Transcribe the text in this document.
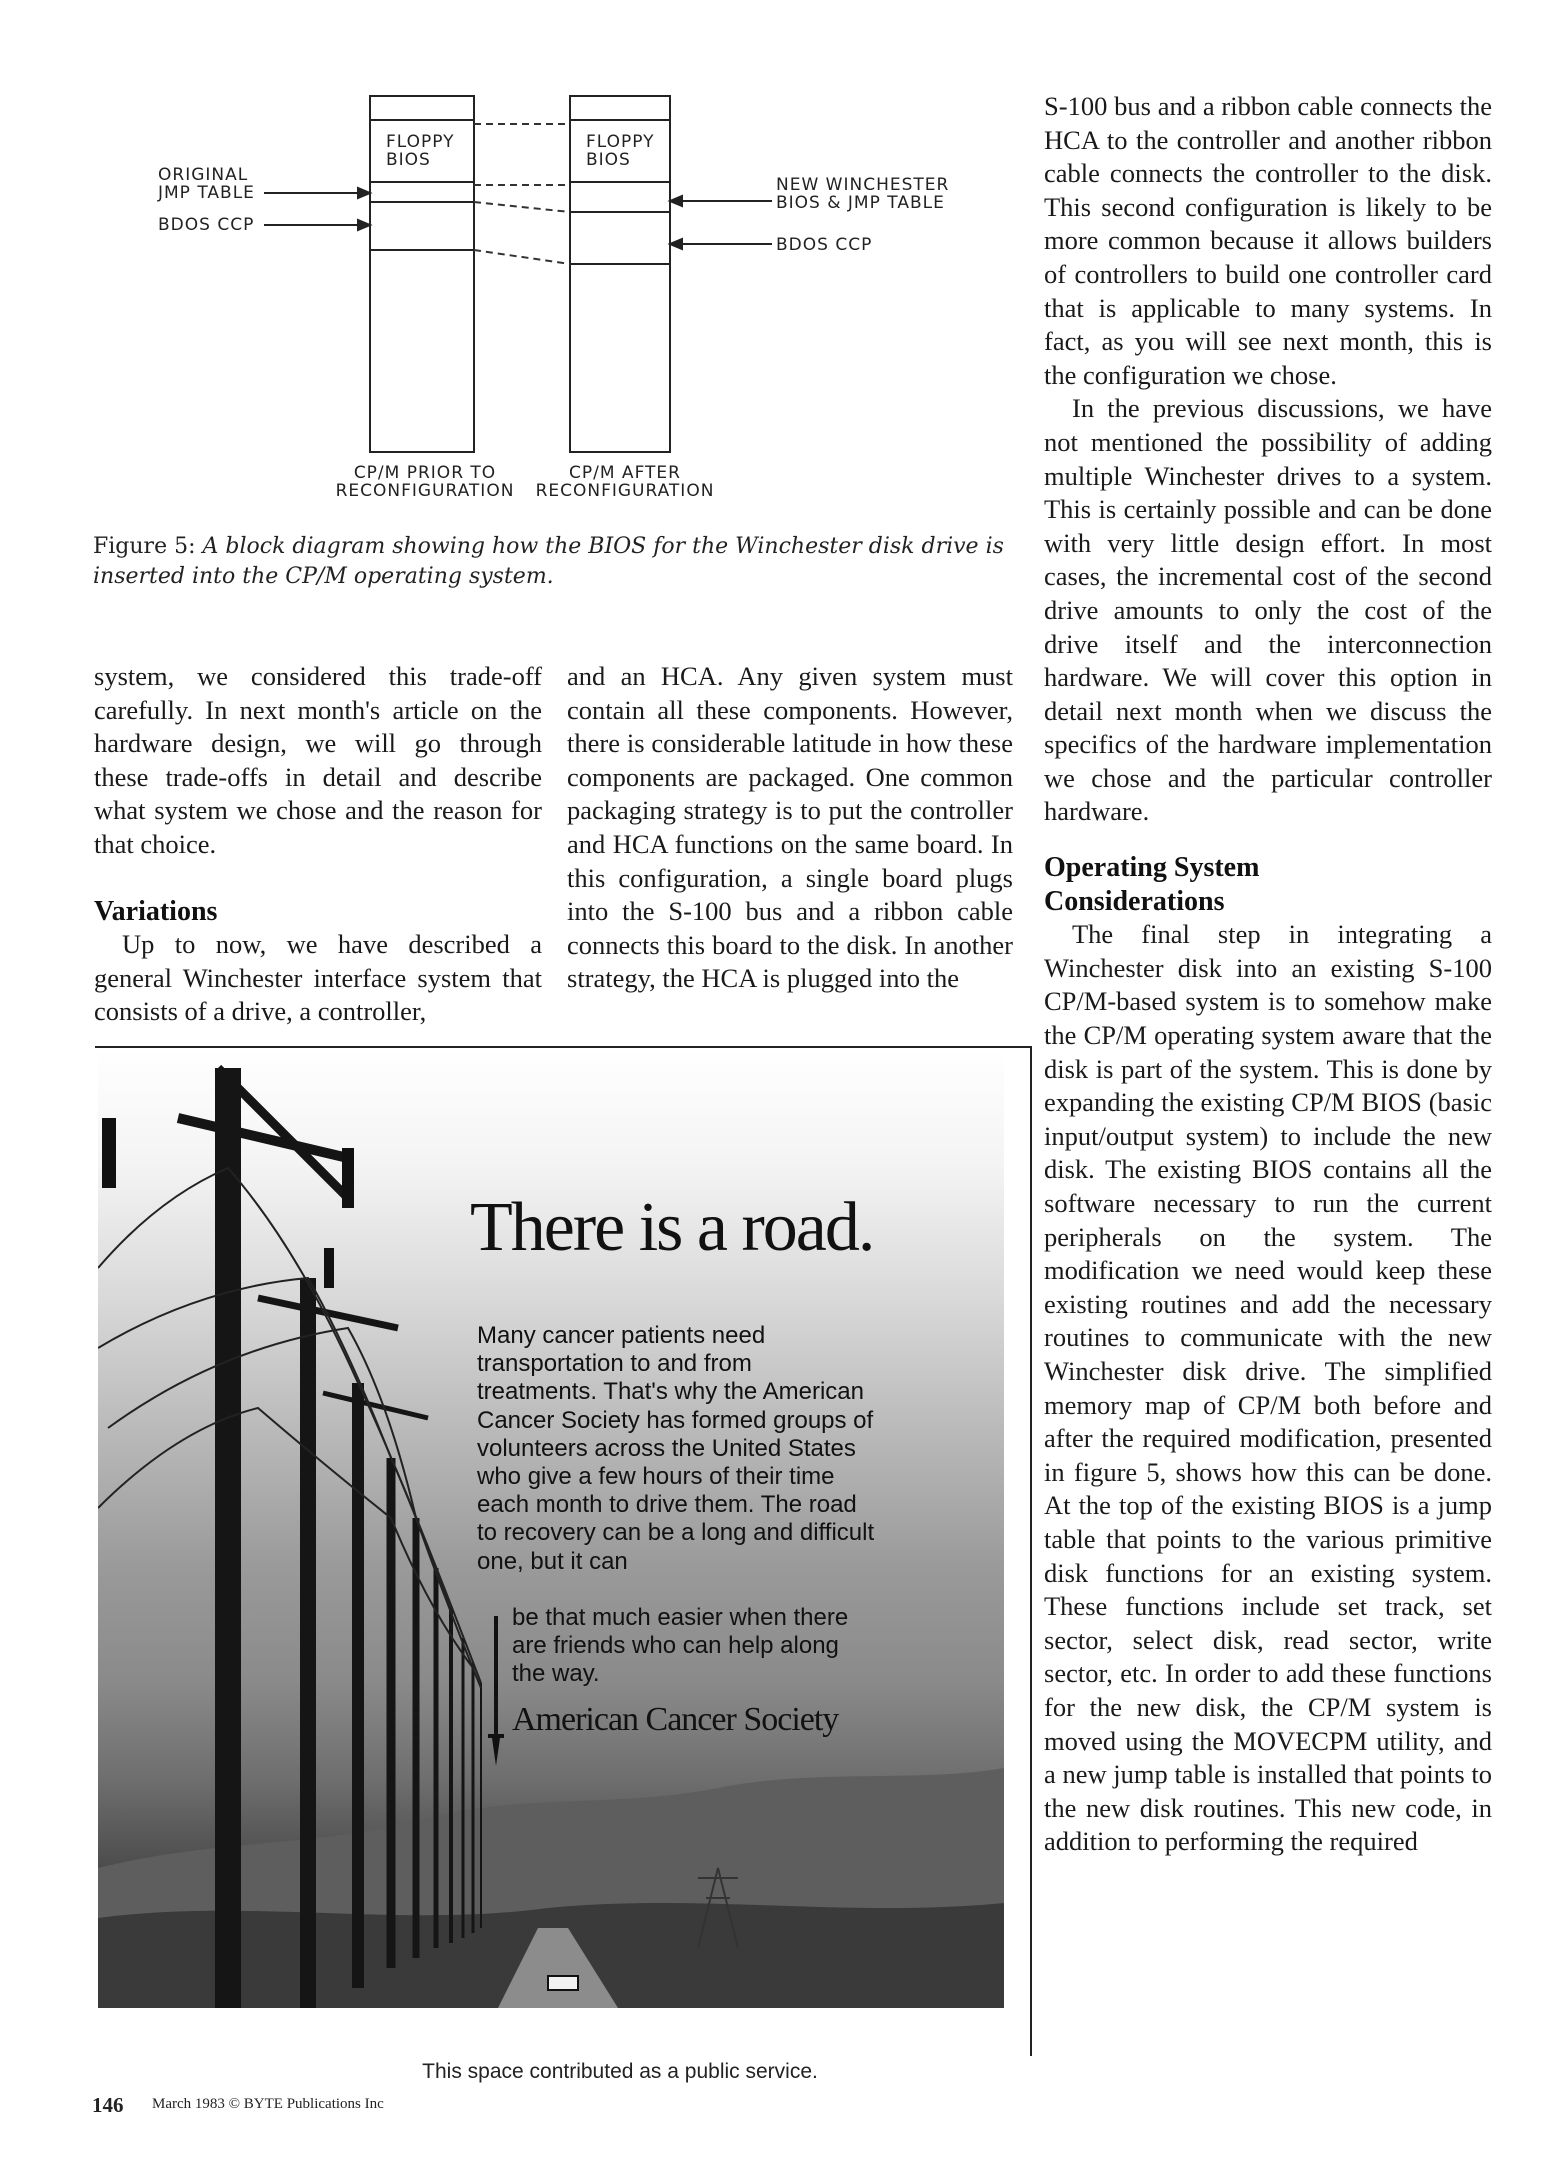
FLOPPY
BIOS
FLOPPY
BIOS
ORIGINAL
JMP TABLE
BDOS CCP
NEW WINCHESTER
BIOS & JMP TABLE
BDOS CCP
CP/M PRIOR TO
RECONFIGURATION
CP/M AFTER
RECONFIGURATION
Figure 5: A block diagram showing how the BIOS for the Winchester disk drive is inserted into the CP/M operating system.

system, we considered this trade-off carefully. In next month's article on the hardware design, we will go through these trade-offs in detail and describe what system we chose and the reason for that choice.

Variations

Up to now, we have described a general Winchester interface system that consists of a drive, a controller,

and an HCA. Any given system must contain all these components. However, there is considerable latitude in how these components are packaged. One common packaging strategy is to put the controller and HCA functions on the same board. In this configuration, a single board plugs into the S-100 bus and a ribbon cable connects this board to the disk. In another strategy, the HCA is plugged into the

S-100 bus and a ribbon cable connects the HCA to the controller and another ribbon cable connects the controller to the disk. This second configuration is likely to be more common because it allows builders of controllers to build one controller card that is applicable to many systems. In fact, as you will see next month, this is the configuration we chose.

In the previous discussions, we have not mentioned the possibility of adding multiple Winchester drives to a system. This is certainly possible and can be done with very little design effort. In most cases, the incremental cost of the second drive amounts to only the cost of the drive itself and the interconnection hardware. We will cover this option in detail next month when we discuss the specifics of the hardware implementation we chose and the particular controller hardware.

Operating System Considerations

The final step in integrating a Winchester disk into an existing S-100 CP/M-based system is to somehow make the CP/M operating system aware that the disk is part of the system. This is done by expanding the existing CP/M BIOS (basic input/output system) to include the new disk. The existing BIOS contains all the software necessary to run the current peripherals on the system. The modification we need would keep these existing routines and add the necessary routines to communicate with the new Winchester disk drive. The simplified memory map of CP/M both before and after the required modification, presented in figure 5, shows how this can be done. At the top of the existing BIOS is a jump table that points to the various primitive disk functions for an existing system. These functions include set track, set sector, select disk, read sector, write sector, etc. In order to add these functions for the new disk, the CP/M system is moved using the MOVECPM utility, and a new jump table is installed that points to the new disk routines. This new code, in addition to performing the required

There is a road.
Many cancer patients need transportation to and from treatments. That's why the American Cancer Society has formed groups of volunteers across the United States who give a few hours of their time each month to drive them. The road to recovery can be a long and difficult one, but it can
be that much easier when there are friends who can help along the way.
American Cancer Society
This space contributed as a public service.
146 March 1983 © BYTE Publications Inc
